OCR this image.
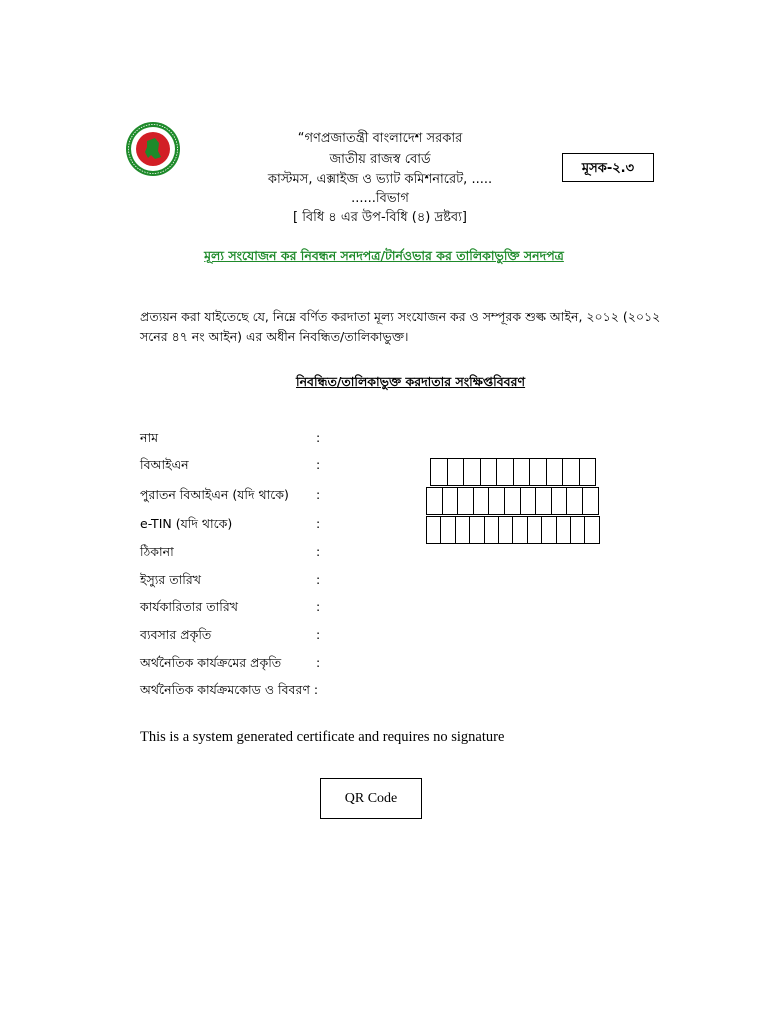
“গণপ্রজাতন্ত্রী বাংলাদেশ সরকার
জাতীয় রাজস্ব বোর্ড
কাস্টমস, এক্সাইজ ও ভ্যাট কমিশনারেট, .....
......বিভাগ
[ বিধি ৪ এর উপ-বিধি (৪) দ্রষ্টব্য]
মূসক-২.৩
মূল্য সংযোজন কর নিবন্ধন সনদপত্র/টার্নওভার কর তালিকাভুক্তি সনদপত্র
প্রত্যয়ন করা যাইতেছে যে, নিম্নে বর্ণিত করদাতা মূল্য সংযোজন কর ও সম্পূরক শুল্ক আইন, ২০১২ (২০১২ সনের ৪৭ নং আইন) এর অধীন নিবন্ধিত/তালিকাভুক্ত।
নিবন্ধিত/তালিকাভুক্ত করদাতার সংক্ষিপ্তবিবরণ
নাম	:
বিআইএন	:
পুরাতন বিআইএন (যদি থাকে) :
e-TIN (যদি থাকে)	:
ঠিকানা	:
ইস্যুর তারিখ	:
কার্যকারিতার তারিখ	:
ব্যবসার প্রকৃতি	:
অর্থনৈতিক কার্যক্রমের প্রকৃতি	:
অর্থনৈতিক কার্যক্রমকোড ও বিবরণ :
This is a system generated certificate and requires no signature
QR Code
